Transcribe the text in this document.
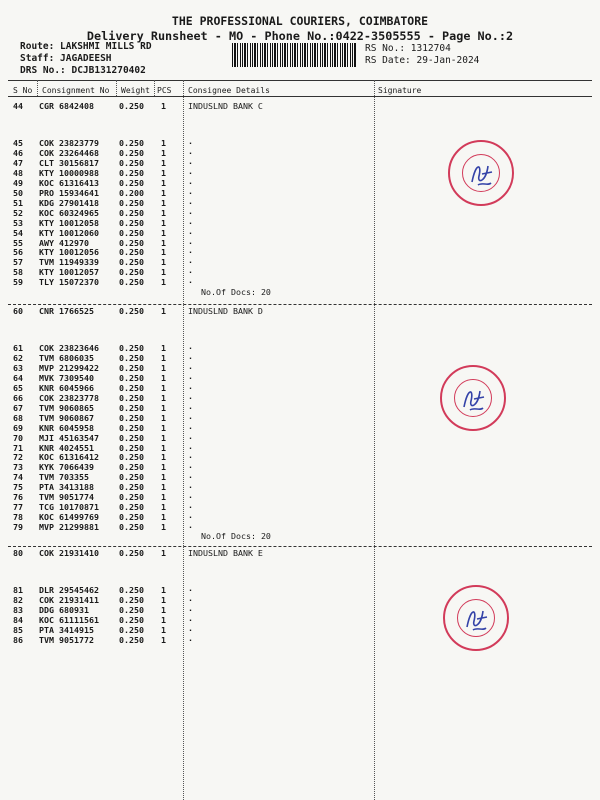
THE PROFESSIONAL COURIERS, COIMBATORE
Delivery Runsheet - MO - Phone No.:0422-3505555 - Page No.:2
Route: LAKSHMI MILLS RD
Staff: JAGADEESH
DRS No.: DCJB131270402
RS No.: 1312704
RS Date: 29-Jan-2024
S No Consignment No Weight PCS Consignee Details	Signature
44 CGR 6842408	0.250 1	INDUSLND BANK C
45 COK 23823779 0.250 1	.
46 COK 23264468 0.250 1	.
47 CLT 30156817 0.250 1	.
48 KTY 10000988 0.250 1	.
49 KOC 61316413 0.250 1	.
50 PRO 15934641 0.200 1	.
51 KDG 27901418 0.250 1	.
52 KOC 60324965 0.250 1	.
53 KTY 10012058 0.250 1	.
54 KTY 10012060 0.250 1	.
55 AWY 412970	0.250 1	.
56 KTY 10012056 0.250 1	.
57 TVM 11949339 0.250 1	.
58 KTY 10012057 0.250 1	.
59 TLY 15072370 0.250 1	.
No.Of Docs: 20
60 CNR 1766525	0.250 1	INDUSLND BANK D
61 COK 23823646 0.250 1	.
62 TVM 6806035	0.250 1	.
63 MVP 21299422 0.250 1	.
64 MVK 7309540	0.250 1	.
65 KNR 6045966	0.250 1	.
66 COK 23823778 0.250 1	.
67 TVM 9060865	0.250 1	.
68 TVM 9060867	0.250 1	.
69 KNR 6045958	0.250 1	.
70 MJI 45163547 0.250 1	.
71 KNR 4024551	0.250 1	.
72 KOC 61316412 0.250 1	.
73 KYK 7066439	0.250 1	.
74 TVM 703355	0.250 1	.
75 PTA 3413188	0.250 1	.
76 TVM 9051774	0.250 1	.
77 TCG 10170871 0.250 1	.
78 KOC 61499769 0.250 1	.
79 MVP 21299881 0.250 1	.
No.Of Docs: 20
80 COK 21931410 0.250 1	INDUSLND BANK E
81 DLR 29545462 0.250 1	.
82 COK 21931411 0.250 1	.
83 DDG 680931	0.250 1	.
84 KOC 61111561 0.250 1	.
85 PTA 3414915	0.250 1	.
86 TVM 9051772	0.250 1	.
